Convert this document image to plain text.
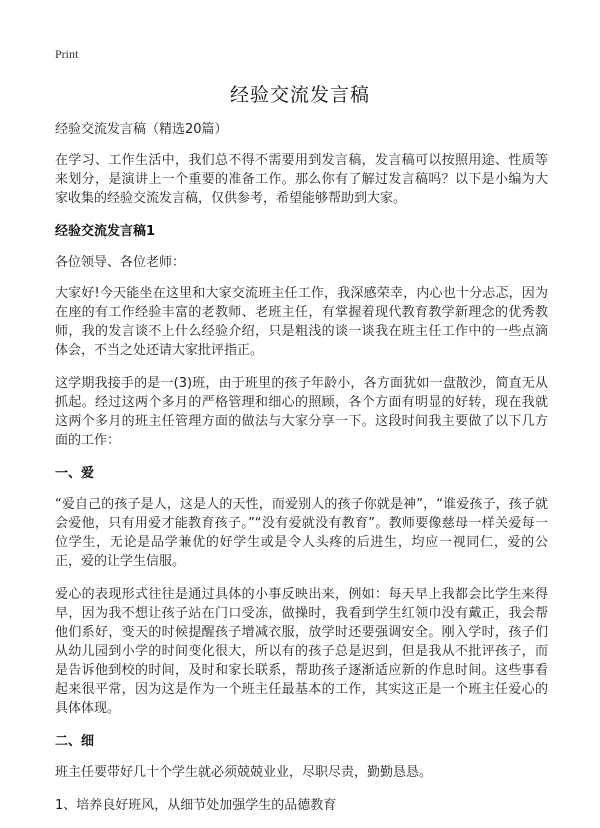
Print

经验交流发言稿

经验交流发言稿（精选20篇）

在学习、工作生活中，我们总不得不需要用到发言稿，发言稿可以按照用途、性质等来划分，是演讲上一个重要的准备工作。那么你有了解过发言稿吗？以下是小编为大家收集的经验交流发言稿，仅供参考，希望能够帮助到大家。

经验交流发言稿1

各位领导、各位老师：

大家好!今天能坐在这里和大家交流班主任工作，我深感荣幸，内心也十分忐忑，因为在座的有工作经验丰富的老教师、老班主任，有掌握着现代教育教学新理念的优秀教师，我的发言谈不上什么经验介绍，只是粗浅的谈一谈我在班主任工作中的一些点滴体会，不当之处还请大家批评指正。

这学期我接手的是一(3)班，由于班里的孩子年龄小，各方面犹如一盘散沙，简直无从抓起。经过这两个多月的严格管理和细心的照顾，各个方面有明显的好转，现在我就这两个多月的班主任管理方面的做法与大家分享一下。这段时间我主要做了以下几方面的工作：

一、爱

“爱自己的孩子是人，这是人的天性，而爱别人的孩子你就是神”，“谁爱孩子，孩子就会爱他，只有用爱才能教育孩子。”“没有爱就没有教育”。教师要像慈母一样关爱每一位学生，无论是品学兼优的好学生或是令人头疼的后进生，均应一视同仁，爱的公正，爱的让学生信服。

爱心的表现形式往往是通过具体的小事反映出来，例如：每天早上我都会比学生来得早，因为我不想让孩子站在门口受冻，做操时，我看到学生红领巾没有戴正，我会帮他们系好，变天的时候提醒孩子增减衣服，放学时还要强调安全。刚入学时，孩子们从幼儿园到小学的时间变化很大，所以有的孩子总是迟到，但是我从不批评孩子，而是告诉他到校的时间，及时和家长联系，帮助孩子逐渐适应新的作息时间。这些事看起来很平常，因为这是作为一个班主任最基本的工作，其实这正是一个班主任爱心的具体体现。

二、细

班主任要带好几十个学生就必须兢兢业业，尽职尽责，勤勤恳恳。

1、培养良好班风，从细节处加强学生的品德教育
